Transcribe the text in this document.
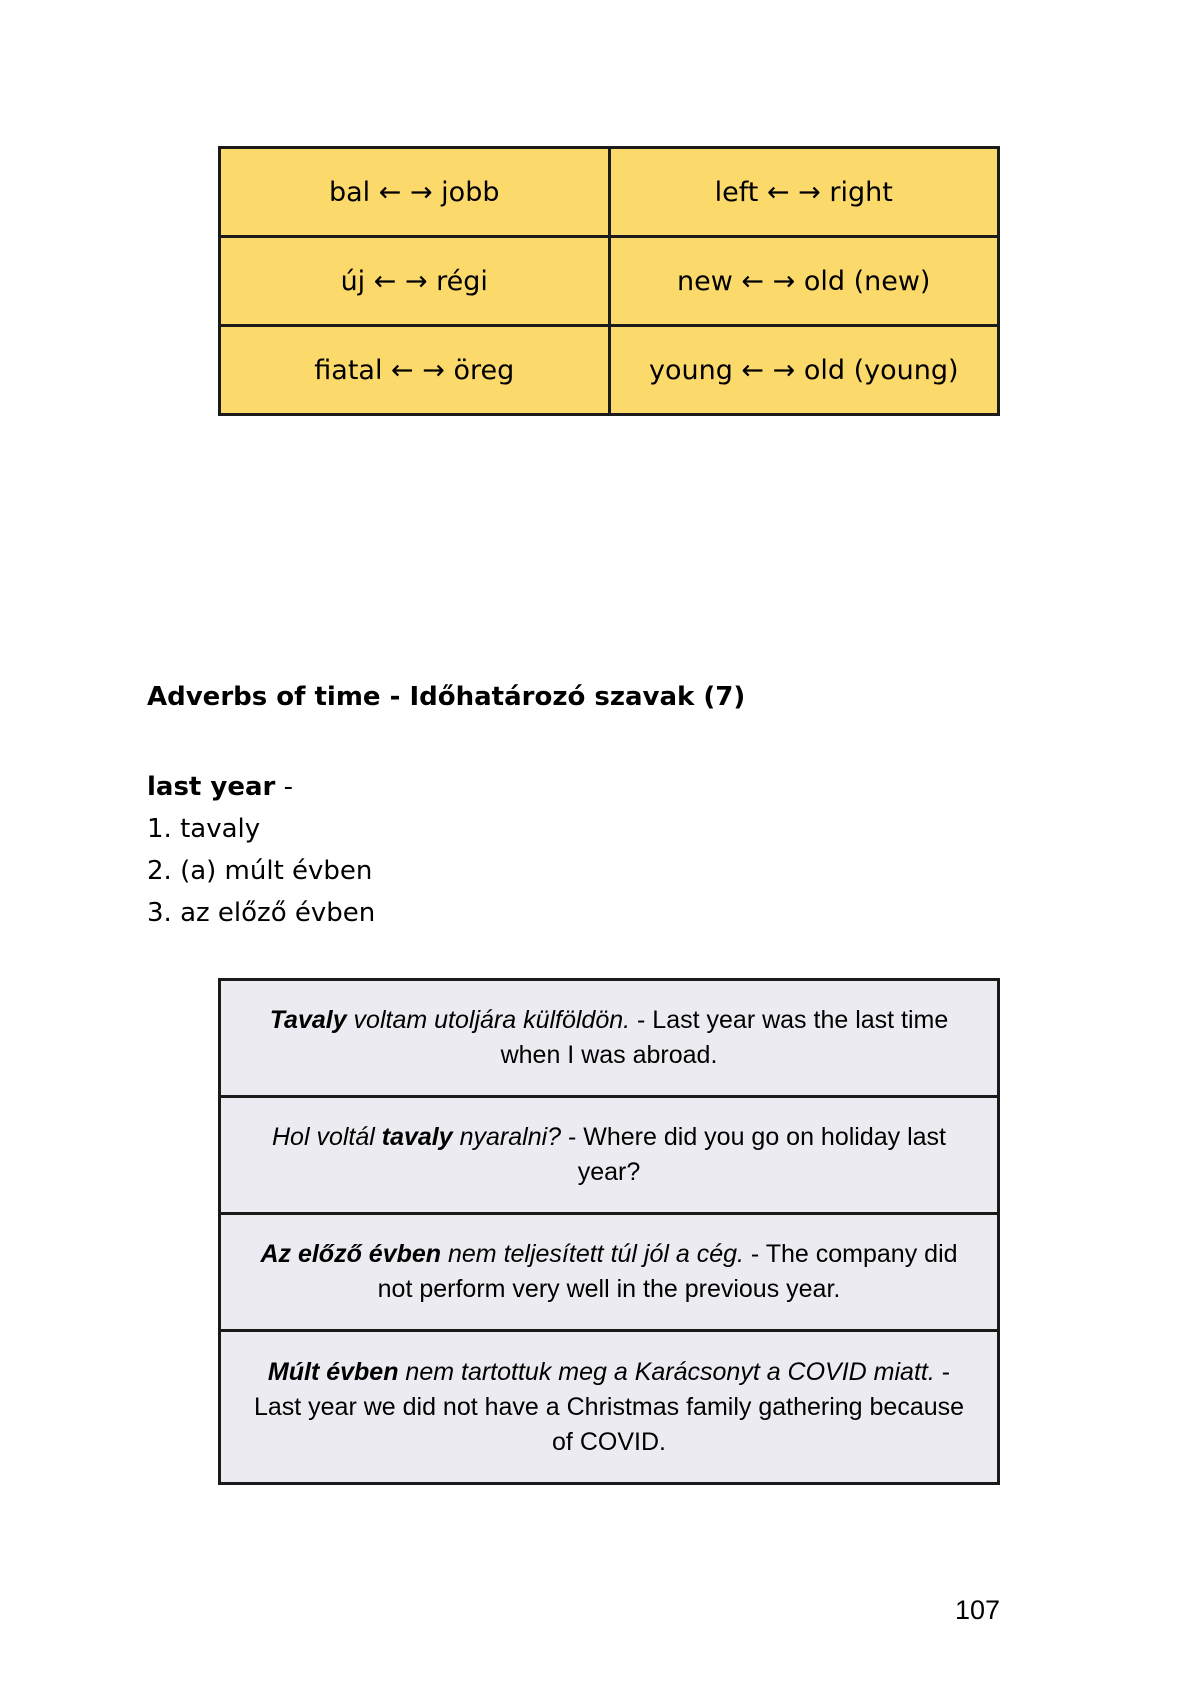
bal ← → jobb	left ← → right
új ← → régi	new ← → old (new)
fiatal ← → öreg	young ← → old (young)
Adverbs of time - Időhatározó szavak (7)
last year -
1. tavaly
2. (a) múlt évben
3. az előző évben
Tavaly voltam utoljára külföldön. - Last year was the last time when I was abroad.
Hol voltál tavaly nyaralni? - Where did you go on holiday last year?
Az előző évben nem teljesített túl jól a cég. - The company did not perform very well in the previous year.
Múlt évben nem tartottuk meg a Karácsonyt a COVID miatt. - Last year we did not have a Christmas family gathering because of COVID.
107
